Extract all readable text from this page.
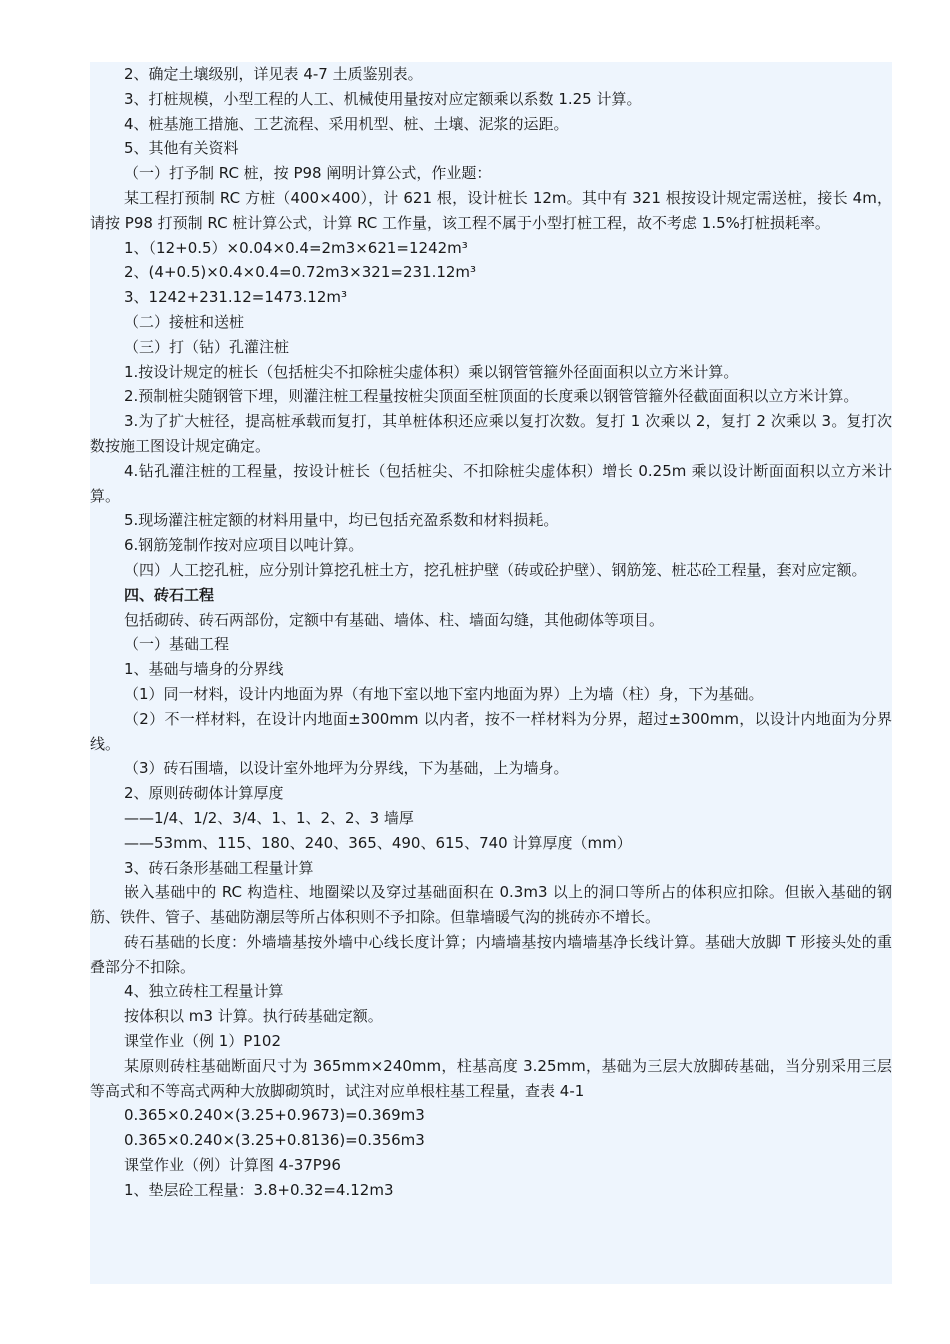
2、确定土壤级别，详见表 4-7 土质鉴别表。

3、打桩规模，小型工程的人工、机械使用量按对应定额乘以系数 1.25 计算。

4、桩基施工措施、工艺流程、采用机型、桩、土壤、泥浆的运距。

5、其他有关资料

（一）打予制 RC 桩，按 P98 阐明计算公式，作业题：

某工程打预制 RC 方桩（400×400），计 621 根，设计桩长 12m。其中有 321 根按设计规定需送桩，接长 4m，请按 P98 打预制 RC 桩计算公式，计算 RC 工作量，该工程不属于小型打桩工程，故不考虑 1.5%打桩损耗率。

1、（12+0.5）×0.04×0.4=2m3×621=1242m³

2、(4+0.5)×0.4×0.4=0.72m3×321=231.12m³

3、1242+231.12=1473.12m³

（二）接桩和送桩

（三）打（钻）孔灌注桩

1.按设计规定的桩长（包括桩尖不扣除桩尖虚体积）乘以钢管管箍外径面面积以立方米计算。

2.预制桩尖随钢管下埋，则灌注桩工程量按桩尖顶面至桩顶面的长度乘以钢管管箍外径截面面积以立方米计算。

3.为了扩大桩径，提高桩承载而复打，其单桩体积还应乘以复打次数。复打 1 次乘以 2，复打 2 次乘以 3。复打次数按施工图设计规定确定。

4.钻孔灌注桩的工程量，按设计桩长（包括桩尖、不扣除桩尖虚体积）增长 0.25m 乘以设计断面面积以立方米计算。

5.现场灌注桩定额的材料用量中，均已包括充盈系数和材料损耗。

6.钢筋笼制作按对应项目以吨计算。

（四）人工挖孔桩，应分别计算挖孔桩土方，挖孔桩护壁（砖或砼护壁）、钢筋笼、桩芯砼工程量，套对应定额。

四、砖石工程

包括砌砖、砖石两部份，定额中有基础、墙体、柱、墙面勾缝，其他砌体等项目。

（一）基础工程

1、基础与墙身的分界线

（1）同一材料，设计内地面为界（有地下室以地下室内地面为界）上为墙（柱）身，下为基础。

（2）不一样材料，在设计内地面±300mm 以内者，按不一样材料为分界，超过±300mm，以设计内地面为分界线。

（3）砖石围墙，以设计室外地坪为分界线，下为基础，上为墙身。

2、原则砖砌体计算厚度

——1/4、1/2、3/4、1、1、2、2、3 墙厚

——53mm、115、180、240、365、490、615、740 计算厚度（mm）

3、砖石条形基础工程量计算

嵌入基础中的 RC 构造柱、地圈梁以及穿过基础面积在 0.3m3 以上的洞口等所占的体积应扣除。但嵌入基础的钢筋、铁件、管子、基础防潮层等所占体积则不予扣除。但靠墙暖气沟的挑砖亦不增长。

砖石基础的长度：外墙墙基按外墙中心线长度计算；内墙墙基按内墙墙基净长线计算。基础大放脚 T 形接头处的重叠部分不扣除。

4、独立砖柱工程量计算

按体积以 m3 计算。执行砖基础定额。

课堂作业（例 1）P102

某原则砖柱基础断面尺寸为 365mm×240mm，柱基高度 3.25mm，基础为三层大放脚砖基础，当分别采用三层等高式和不等高式两种大放脚砌筑时，试注对应单根柱基工程量，查表 4-1

0.365×0.240×(3.25+0.9673)=0.369m3

0.365×0.240×(3.25+0.8136)=0.356m3

课堂作业（例）计算图 4-37P96

1、垫层砼工程量：3.8+0.32=4.12m3
